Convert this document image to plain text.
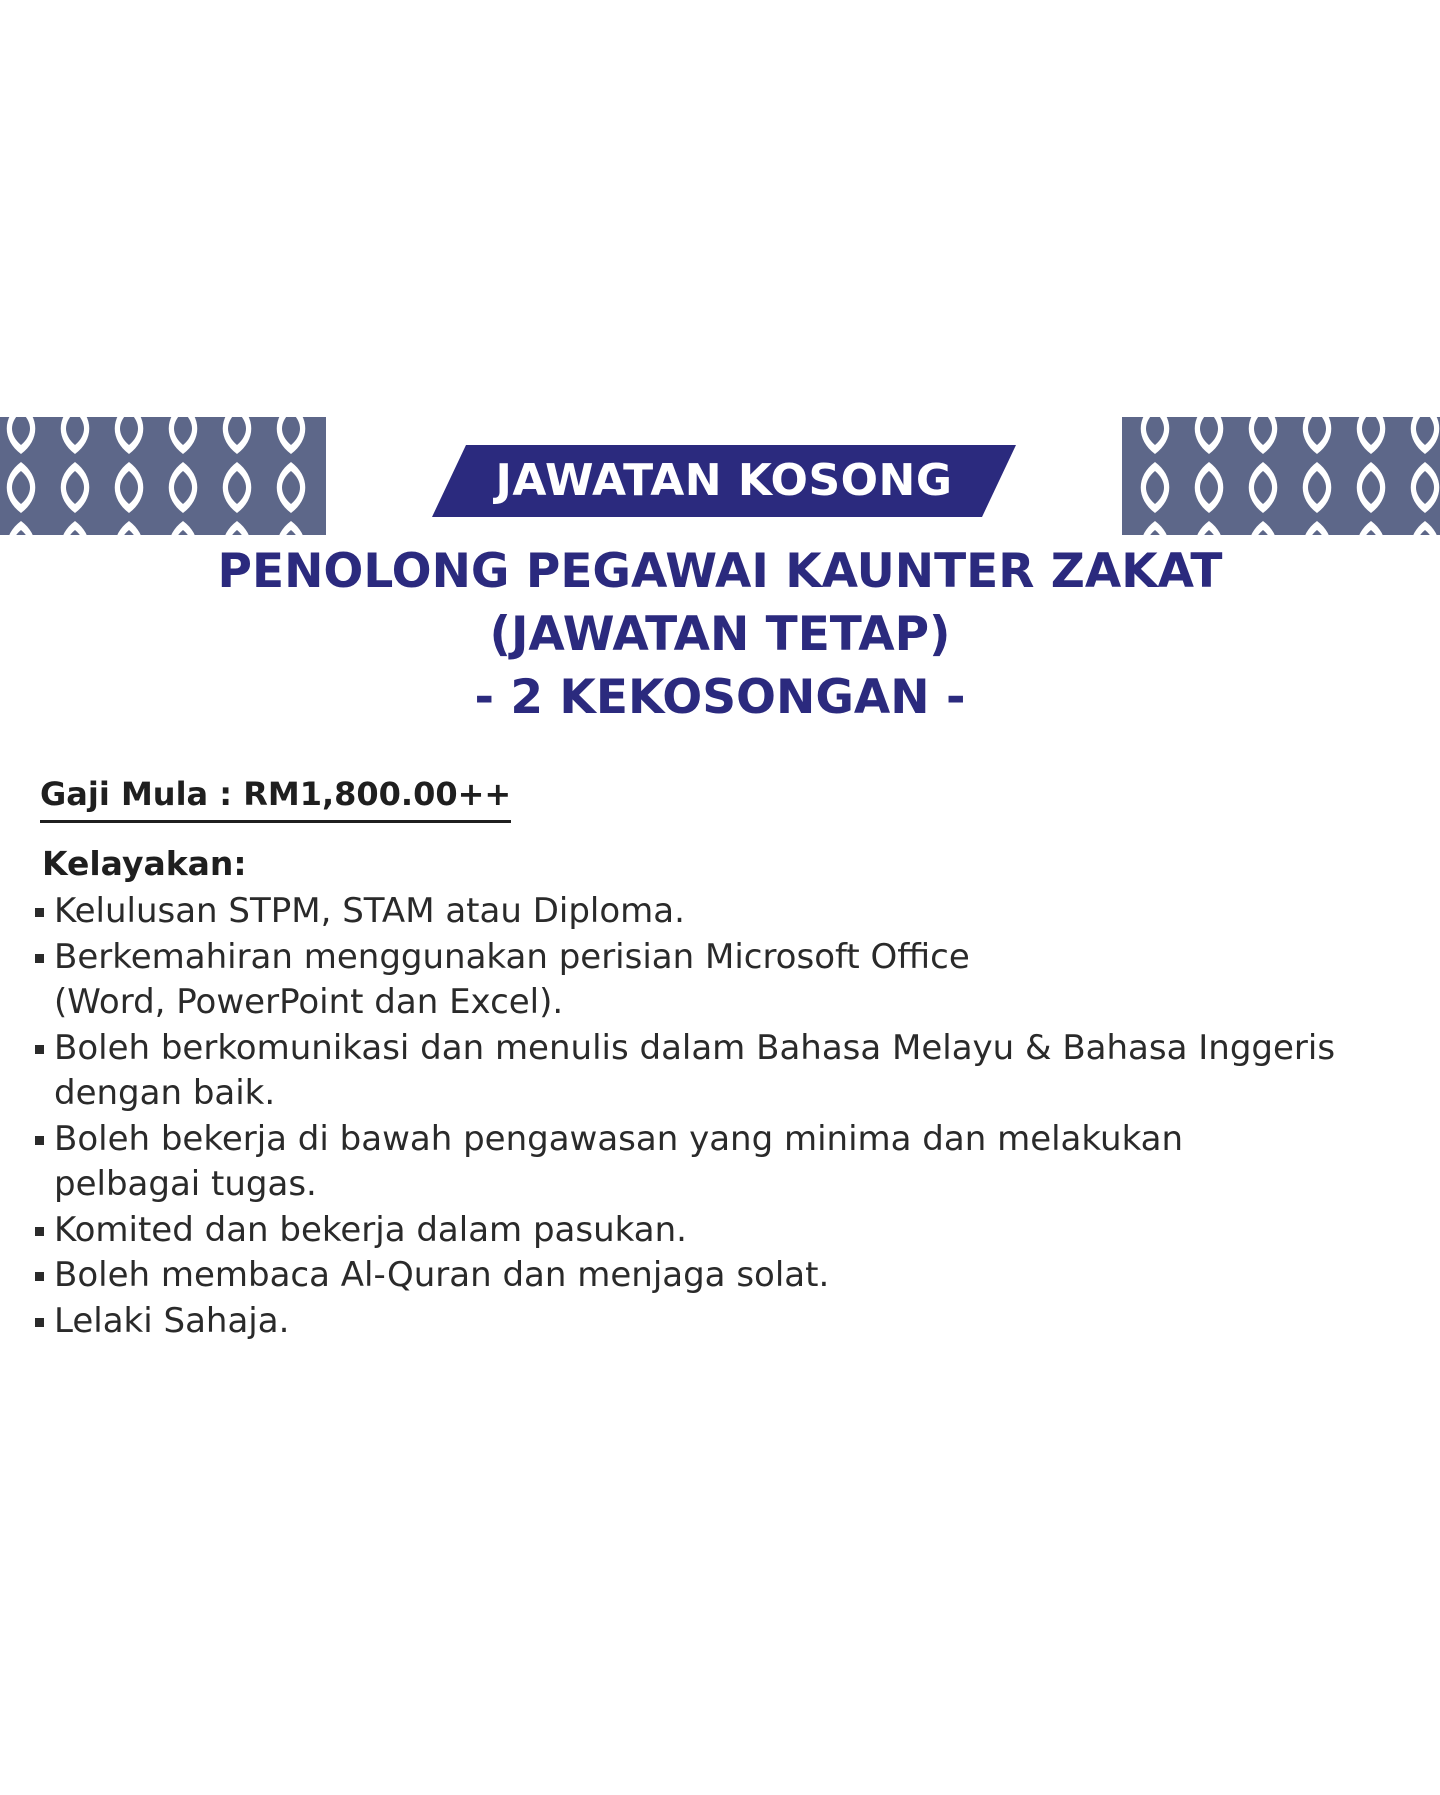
JAWATAN KOSONG
PENOLONG PEGAWAI KAUNTER ZAKAT
(JAWATAN TETAP)
- 2 KEKOSONGAN -
Gaji Mula : RM1,800.00++
Kelayakan:
Kelulusan STPM, STAM atau Diploma.
Berkemahiran menggunakan perisian Microsoft Office
(Word, PowerPoint dan Excel).
Boleh berkomunikasi dan menulis dalam Bahasa Melayu & Bahasa Inggeris
dengan baik.
Boleh bekerja di bawah pengawasan yang minima dan melakukan
pelbagai tugas.
Komited dan bekerja dalam pasukan.
Boleh membaca Al-Quran dan menjaga solat.
Lelaki Sahaja.
